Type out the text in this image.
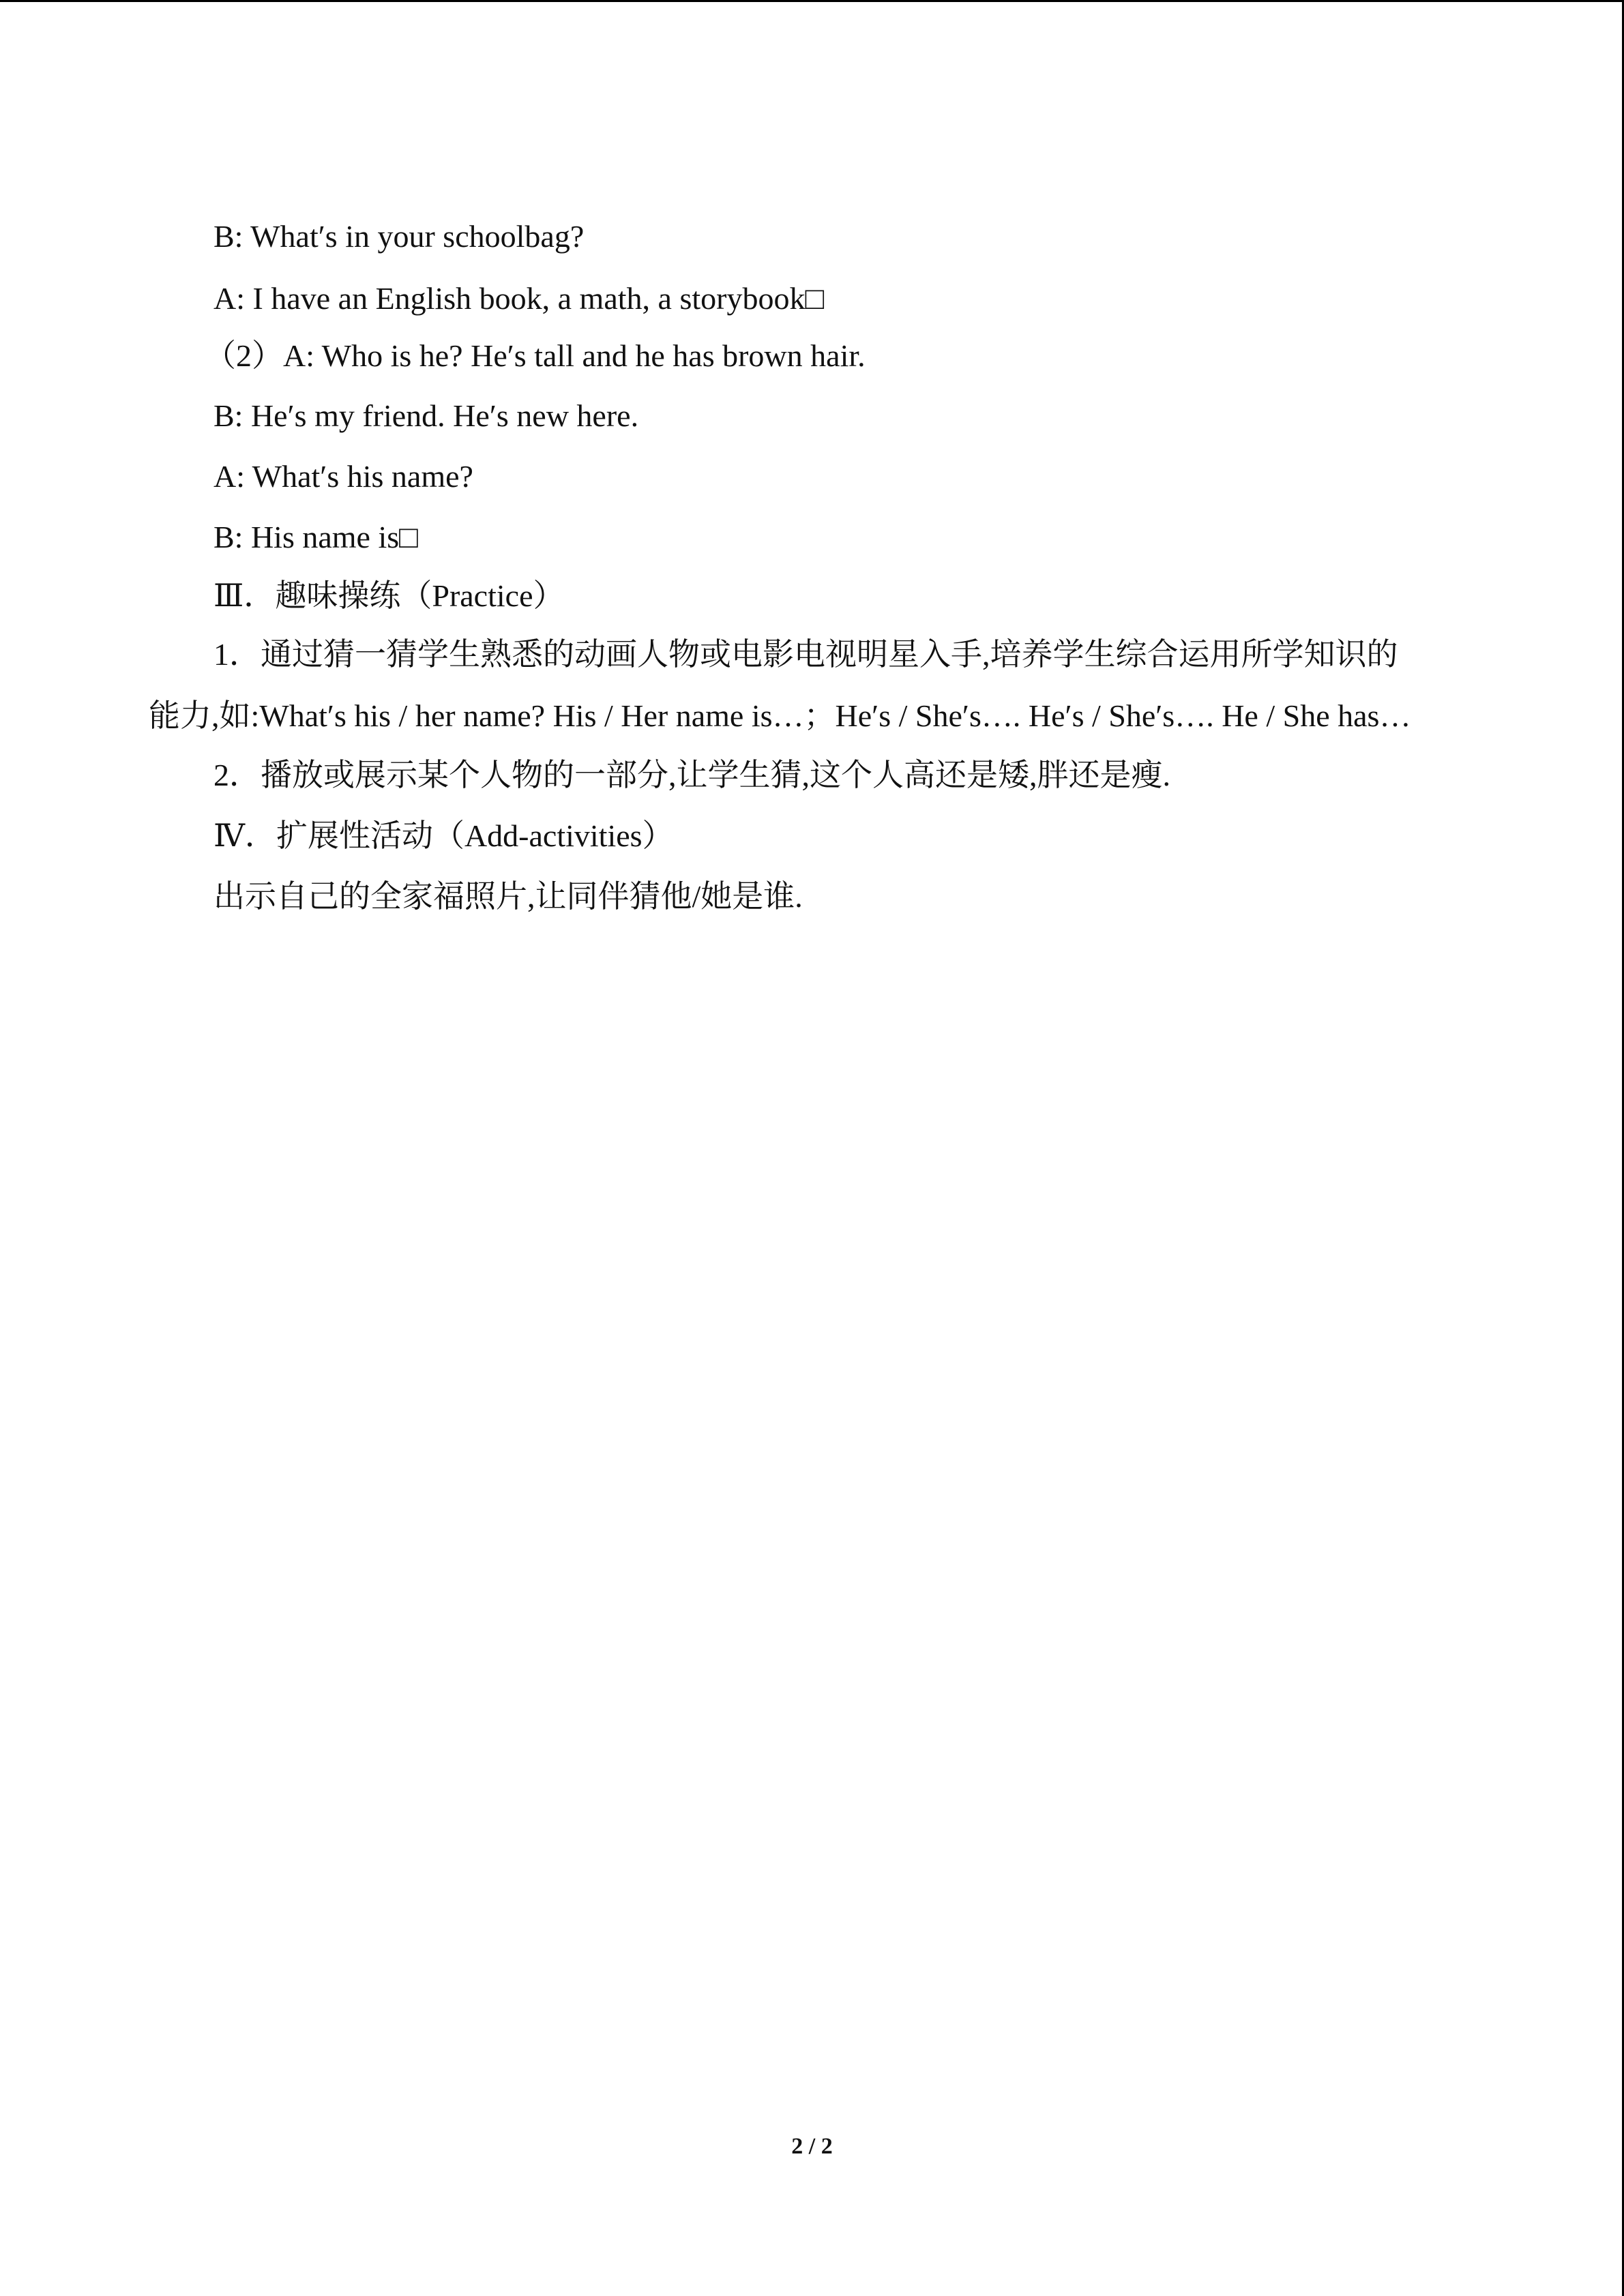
B: What′s in your schoolbag?
A: I have an English book, a math, a storybook□
（2）A: Who is he? He′s tall and he has brown hair.
B: He′s my friend. He′s new here.
A: What′s his name?
B: His name is□
Ⅲ．趣味操练（Practice）
1．通过猜一猜学生熟悉的动画人物或电影电视明星入手,培养学生综合运用所学知识的
能力,如:What′s his / her name? His / Her name is…；He′s / She′s…. He′s / She′s…. He / She has…
2．播放或展示某个人物的一部分,让学生猜,这个人高还是矮,胖还是瘦.
Ⅳ．扩展性活动（Add-activities）
出示自己的全家福照片,让同伴猜他/她是谁.
2 / 2
